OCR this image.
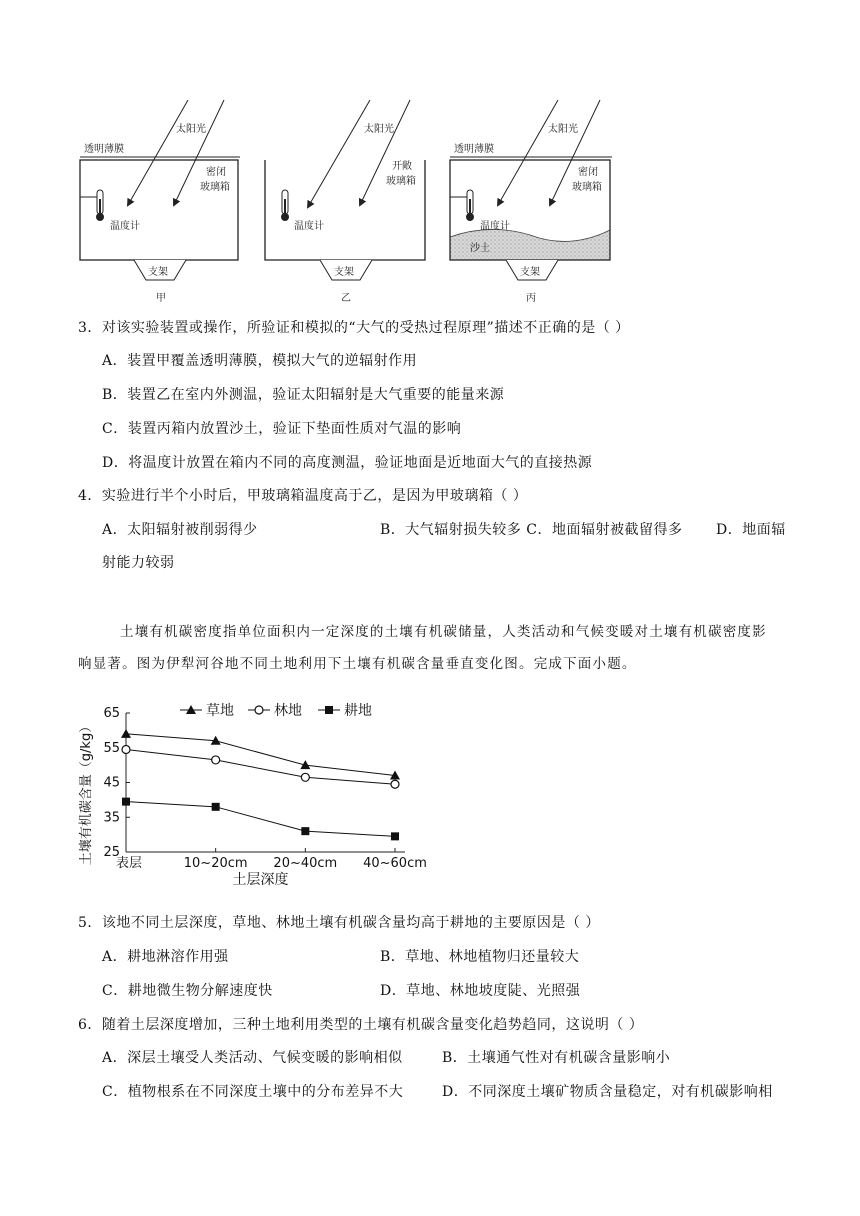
透明薄膜
太阳光
密闭
玻璃箱
温度计
支架
甲
太阳光
开敞
玻璃箱
温度计
支架
乙
透明薄膜
太阳光
密闭
玻璃箱
温度计
沙土
支架
丙
3．对该实验装置或操作，所验证和模拟的“大气的受热过程原理”描述不正确的是（ ）
A．装置甲覆盖透明薄膜，模拟大气的逆辐射作用
B．装置乙在室内外测温，验证太阳辐射是大气重要的能量来源
C．装置丙箱内放置沙土，验证下垫面性质对气温的影响
D．将温度计放置在箱内不同的高度测温，验证地面是近地面大气的直接热源
4．实验进行半个小时后，甲玻璃箱温度高于乙，是因为甲玻璃箱（ ）
A．太阳辐射被削弱得少	B．大气辐射损失较多 C．地面辐射被截留得多 D．地面辐
射能力较弱
土壤有机碳密度指单位面积内一定深度的土壤有机碳储量，人类活动和气候变暖对土壤有机碳密度影
响显著。图为伊犁河谷地不同土地利用下土壤有机碳含量垂直变化图。完成下面小题。
25
35
45
55
65
表层	10~20cm 20~40cm 40~60cm
土层深度
土壤有机碳含量（g/kg）
草地	林地	耕地
5．该地不同土层深度，草地、林地土壤有机碳含量均高于耕地的主要原因是（ ）
A．耕地淋溶作用强	B．草地、林地植物归还量较大
C．耕地微生物分解速度快	D．草地、林地坡度陡、光照强
6．随着土层深度增加，三种土地利用类型的土壤有机碳含量变化趋势趋同，这说明（ ）
A．深层土壤受人类活动、气候变暖的影响相似	B．土壤通气性对有机碳含量影响小
C．植物根系在不同深度土壤中的分布差异不大	D．不同深度土壤矿物质含量稳定，对有机碳影响相
